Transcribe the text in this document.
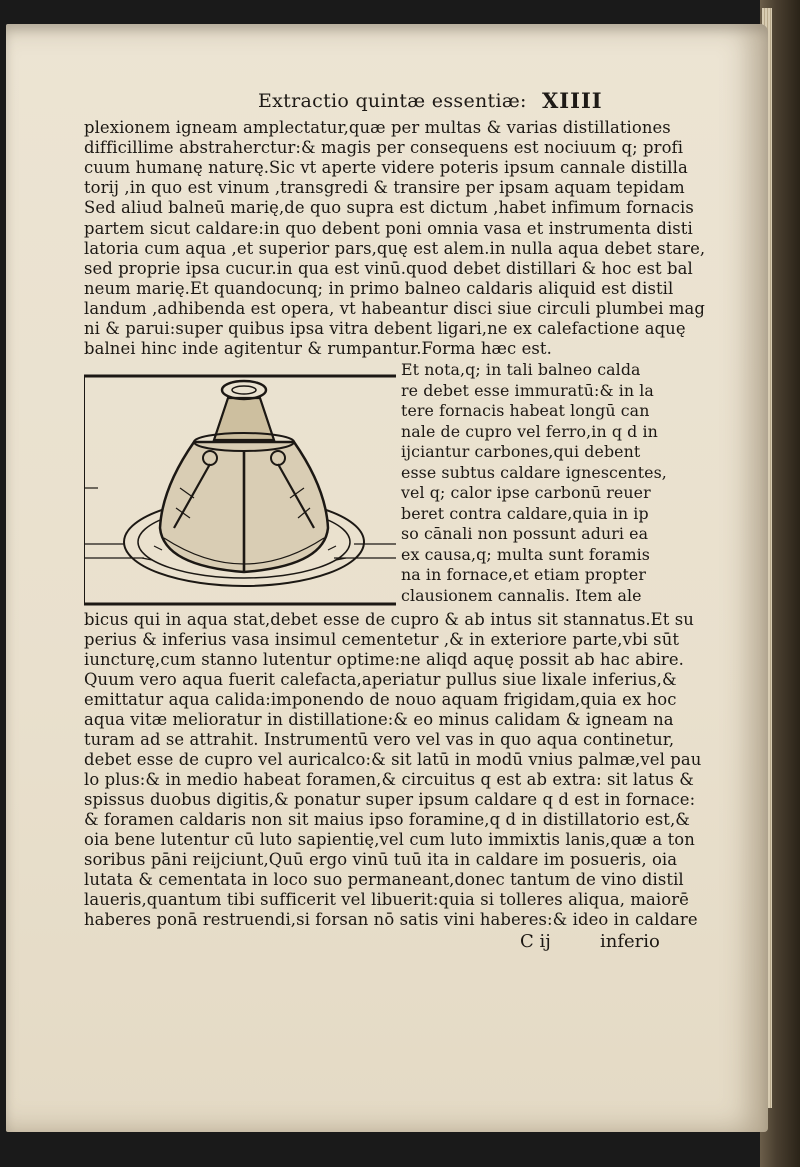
Extractio quintæ essentiæ: XIIII
plexionem igneam amplectatur,quæ per multas & varias distillationes
difficillime abstraherctur:& magis per consequens est nociuum q; profi
cuum humanę naturę.Sic vt aperte videre poteris ipsum cannale distilla
torij ,in quo est vinum ,transgredi & transire per ipsam aquam tepidam
Sed aliud balneū marię,de quo supra est dictum ,habet infimum fornacis
partem sicut caldare:in quo debent poni omnia vasa et instrumenta disti
latoria cum aqua ,et superior pars,quę est alem.in nulla aqua debet stare,
sed proprie ipsa cucur.in qua est vinū.quod debet distillari & hoc est bal
neum marię.Et quandocunq; in primo balneo caldaris aliquid est distil
landum ,adhibenda est opera, vt habeantur disci siue circuli plumbei mag
ni & parui:super quibus ipsa vitra debent ligari,ne ex calefactione aquę
balnei hinc inde agitentur & rumpantur.Forma hæc est.
Et nota,q; in tali balneo calda
re debet esse immuratū:& in la
tere fornacis habeat longū can
nale de cupro vel ferro,in q d in
ijciantur carbones,qui debent
esse subtus caldare ignescentes,
vel q; calor ipse carbonū reuer
beret contra caldare,quia in ip
so cānali non possunt aduri ea
ex causa,q; multa sunt foramis
na in fornace,et etiam propter
clausionem cannalis. Item ale
bicus qui in aqua stat,debet esse de cupro & ab intus sit stannatus.Et su
perius & inferius vasa insimul cementetur ,& in exteriore parte,vbi sūt
iuncturę,cum stanno lutentur optime:ne aliqd aquę possit ab hac abire.
Quum vero aqua fuerit calefacta,aperiatur pullus siue lixale inferius,&
emittatur aqua calida:imponendo de nouo aquam frigidam,quia ex hoc
aqua vitæ melioratur in distillatione:& eo minus calidam & igneam na
turam ad se attrahit. Instrumentū vero vel vas in quo aqua continetur,
debet esse de cupro vel auricalco:& sit latū in modū vnius palmæ,vel pau
lo plus:& in medio habeat foramen,& circuitus q est ab extra: sit latus &
spissus duobus digitis,& ponatur super ipsum caldare q d est in fornace:
& foramen caldaris non sit maius ipso foramine,q d in distillatorio est,&
oia bene lutentur cū luto sapientię,vel cum luto immixtis lanis,quæ a ton
soribus pāni reijciunt,Quū ergo vinū tuū ita in caldare im posueris, oia
lutata & cementata in loco suo permaneant,donec tantum de vino distil
laueris,quantum tibi sufficerit vel libuerit:quia si tolleres aliqua, maiorē
haberes ponā restruendi,si forsan nō satis vini haberes:& ideo in caldare
C ij	inferio
